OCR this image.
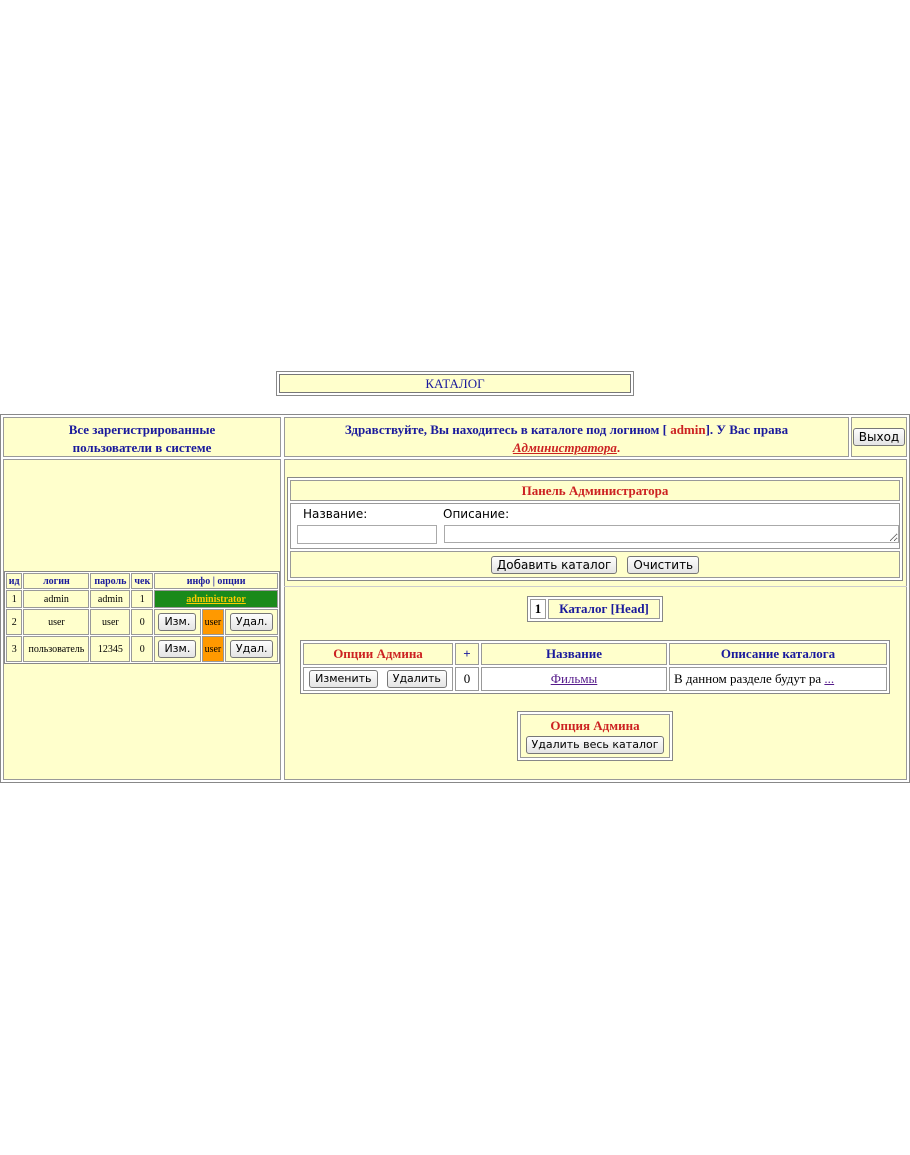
КАТАЛОГ
Все зарегистрированные
пользователи в системе
Здравствуйте, Вы находитесь в каталоге под логином [ admin]. У Вас права
Администратора.
Выход
ид	логин	пароль	чек	инфо | опции		
1	admin	admin	1	administrator		
2	user	user	0	Изм.	user	Удал.
3	пользователь	12345	0	Изм.	user	Удал.
Панель Администратора
Название:	Описание:
Добавить каталог	Очистить
1 Каталог [Head]
Опции Админа	+	Название	Описание каталога
Изменить Удалить	0	Фильмы	В данном разделе будут ра ...
Опция Админа
Удалить весь каталог
